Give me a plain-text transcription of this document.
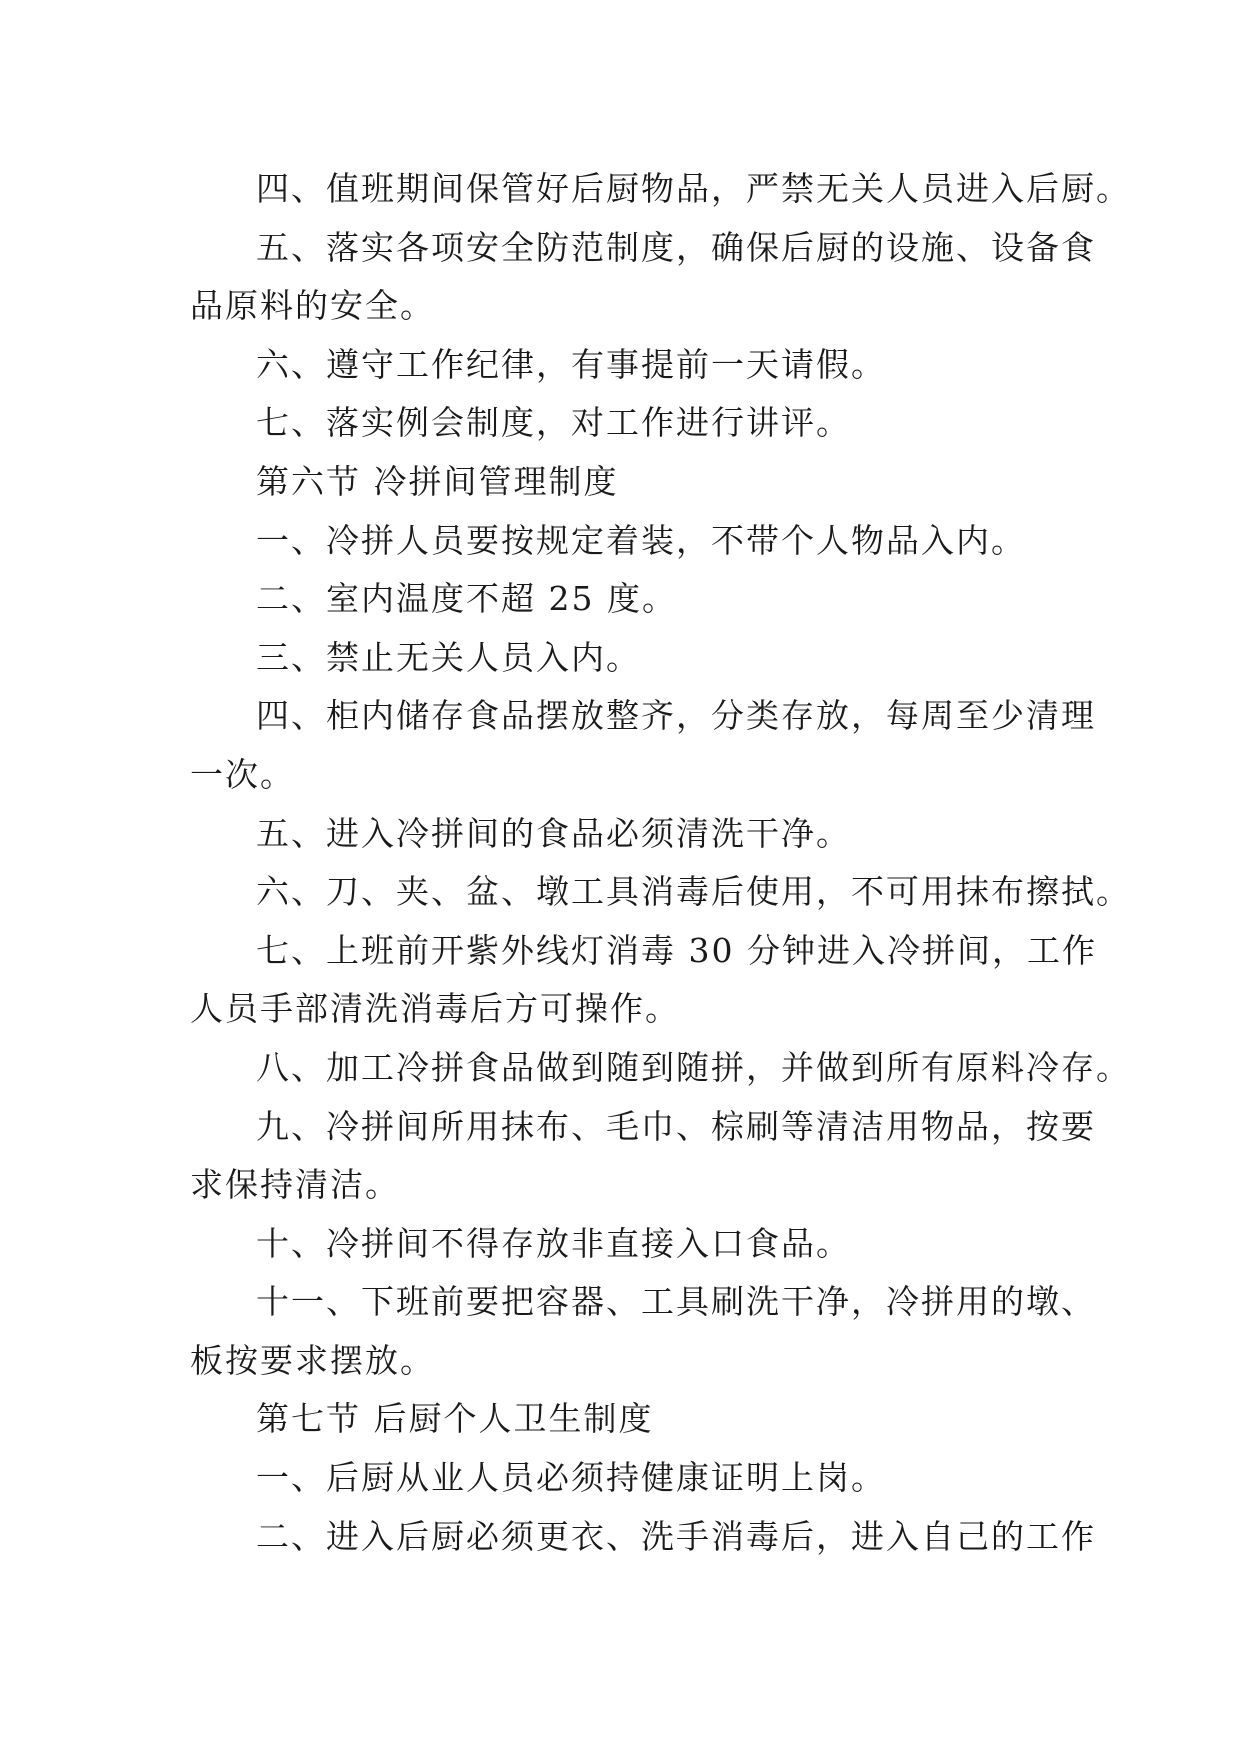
四、值班期间保管好后厨物品，严禁无关人员进入后厨。
五、落实各项安全防范制度，确保后厨的设施、设备食
品原料的安全。
六、遵守工作纪律，有事提前一天请假。
七、落实例会制度，对工作进行讲评。
第六节 冷拼间管理制度
一、冷拼人员要按规定着装，不带个人物品入内。
二、室内温度不超 25 度。
三、禁止无关人员入内。
四、柜内储存食品摆放整齐，分类存放，每周至少清理
一次。
五、进入冷拼间的食品必须清洗干净。
六、刀、夹、盆、墩工具消毒后使用，不可用抹布擦拭。
七、上班前开紫外线灯消毒 30 分钟进入冷拼间，工作
人员手部清洗消毒后方可操作。
八、加工冷拼食品做到随到随拼，并做到所有原料冷存。
九、冷拼间所用抹布、毛巾、棕刷等清洁用物品，按要
求保持清洁。
十、冷拼间不得存放非直接入口食品。
十一、下班前要把容器、工具刷洗干净，冷拼用的墩、
板按要求摆放。
第七节 后厨个人卫生制度
一、后厨从业人员必须持健康证明上岗。
二、进入后厨必须更衣、洗手消毒后，进入自己的工作
